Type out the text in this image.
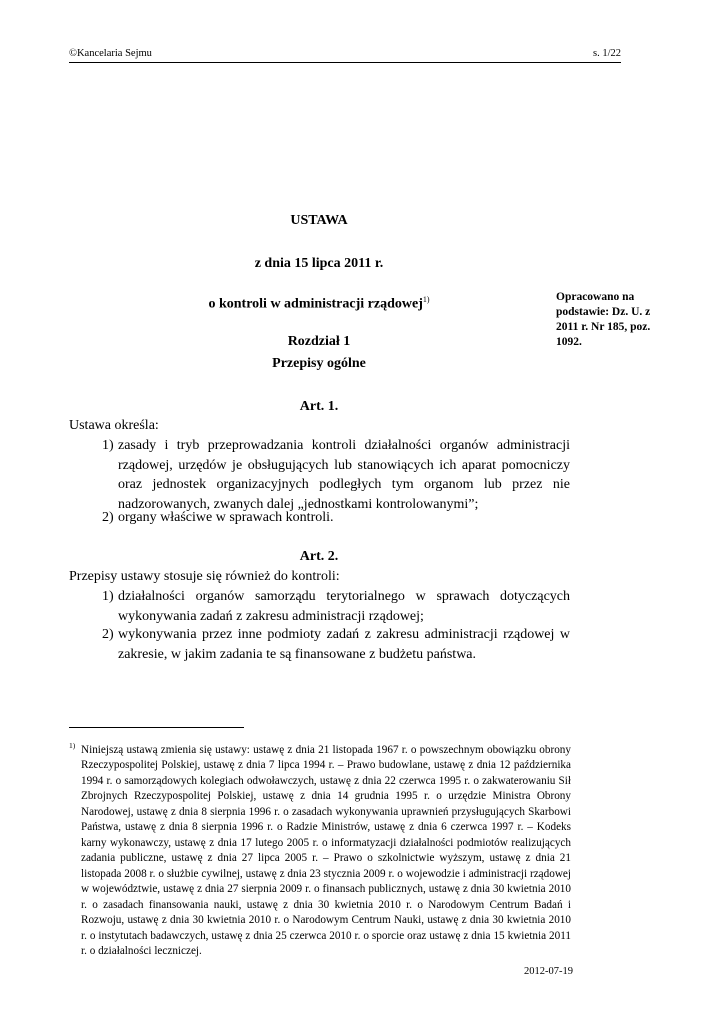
©Kancelaria Sejmu	s. 1/22
USTAWA
z dnia 15 lipca 2011 r.
o kontroli w administracji rządowej$^{1)}$
Rozdział 1
Przepisy ogólne
Opracowano na podstawie: Dz. U. z 2011 r. Nr 185, poz. 1092.
Art. 1.
Ustawa określa:
1) zasady i tryb przeprowadzania kontroli działalności organów administracji rządowej, urzędów je obsługujących lub stanowiących ich aparat pomocniczy oraz jednostek organizacyjnych podległych tym organom lub przez nie nadzorowanych, zwanych dalej „jednostkami kontrolowanymi”;
2) organy właściwe w sprawach kontroli.
Art. 2.
Przepisy ustawy stosuje się również do kontroli:
1) działalności organów samorządu terytorialnego w sprawach dotyczących wykonywania zadań z zakresu administracji rządowej;
2) wykonywania przez inne podmioty zadań z zakresu administracji rządowej w zakresie, w jakim zadania te są finansowane z budżetu państwa.
$^{1)}$ Niniejszą ustawą zmienia się ustawy: ustawę z dnia 21 listopada 1967 r. o powszechnym obowiązku obrony Rzeczypospolitej Polskiej, ustawę z dnia 7 lipca 1994 r. – Prawo budowlane, ustawę z dnia 12 października 1994 r. o samorządowych kolegiach odwoławczych, ustawę z dnia 22 czerwca 1995 r. o zakwaterowaniu Sił Zbrojnych Rzeczypospolitej Polskiej, ustawę z dnia 14 grudnia 1995 r. o urzędzie Ministra Obrony Narodowej, ustawę z dnia 8 sierpnia 1996 r. o zasadach wykonywania uprawnień przysługujących Skarbowi Państwa, ustawę z dnia 8 sierpnia 1996 r. o Radzie Ministrów, ustawę z dnia 6 czerwca 1997 r. – Kodeks karny wykonawczy, ustawę z dnia 17 lutego 2005 r. o informatyzacji działalności podmiotów realizujących zadania publiczne, ustawę z dnia 27 lipca 2005 r. – Prawo o szkolnictwie wyższym, ustawę z dnia 21 listopada 2008 r. o służbie cywilnej, ustawę z dnia 23 stycznia 2009 r. o wojewodzie i administracji rządowej w województwie, ustawę z dnia 27 sierpnia 2009 r. o finansach publicznych, ustawę z dnia 30 kwietnia 2010 r. o zasadach finansowania nauki, ustawę z dnia 30 kwietnia 2010 r. o Narodowym Centrum Badań i Rozwoju, ustawę z dnia 30 kwietnia 2010 r. o Narodowym Centrum Nauki, ustawę z dnia 30 kwietnia 2010 r. o instytutach badawczych, ustawę z dnia 25 czerwca 2010 r. o sporcie oraz ustawę z dnia 15 kwietnia 2011 r. o działalności leczniczej.
2012-07-19
